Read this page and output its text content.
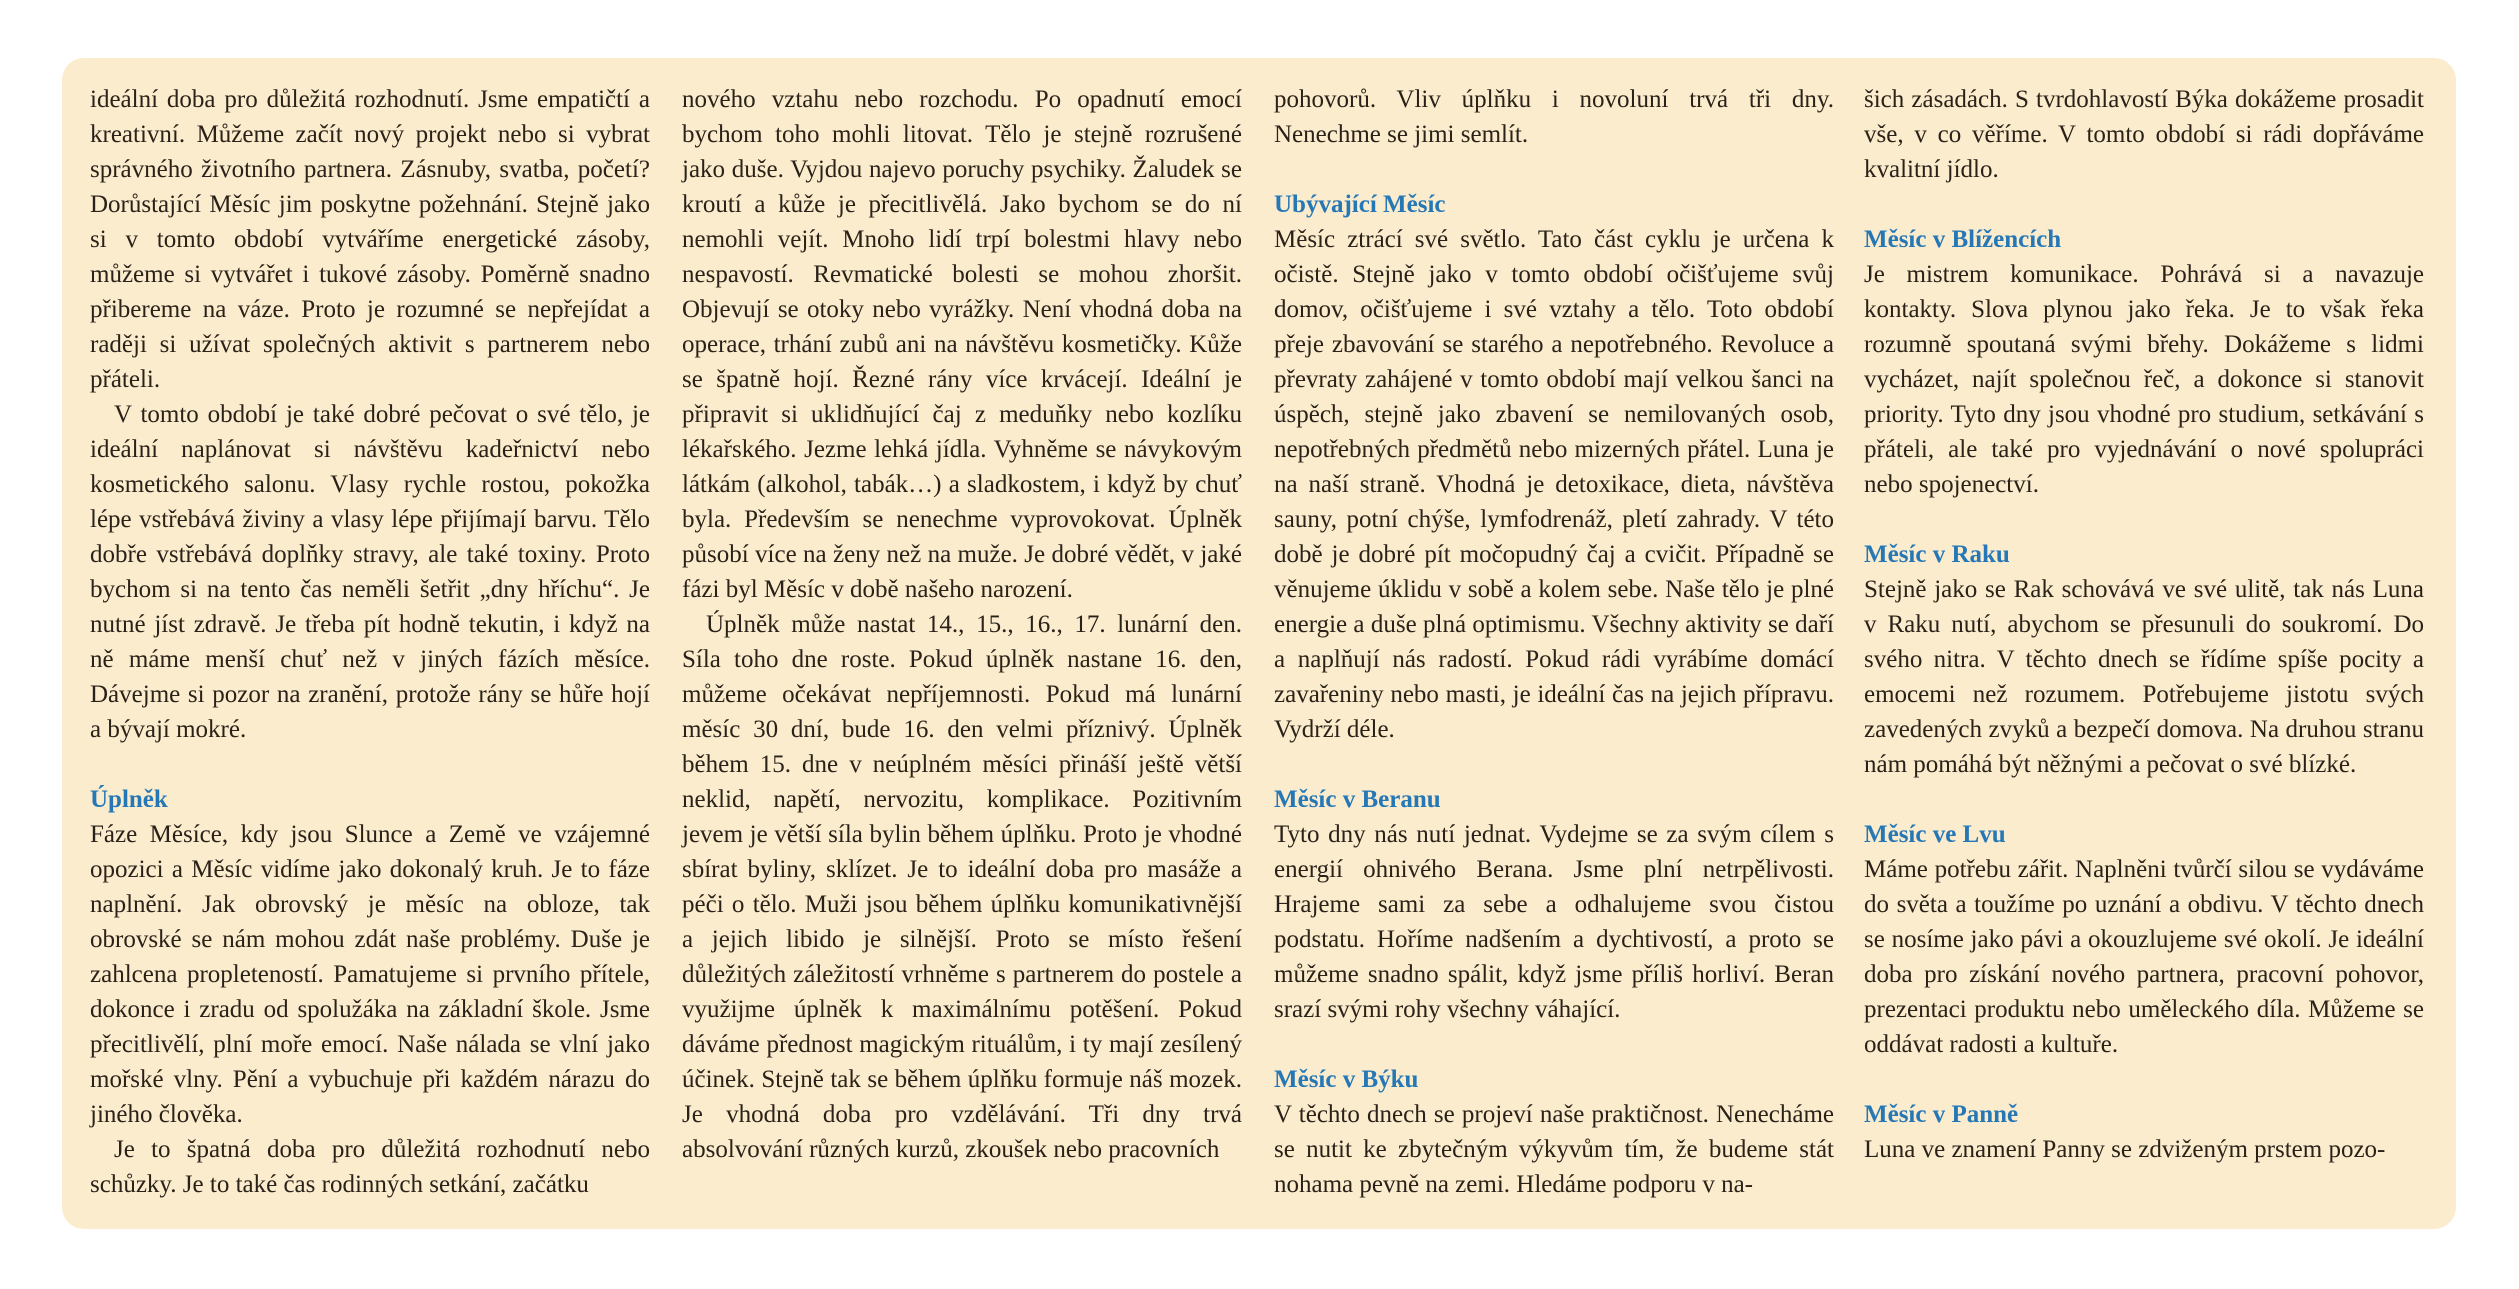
ideální doba pro důležitá rozhodnutí. Jsme empatičtí a kreativní. Můžeme začít nový projekt nebo si vybrat správného životního partnera. Zásnuby, svatba, početí? Dorůstající Měsíc jim poskytne požehnání. Stejně jako si v tomto období vytváříme energetické zásoby, můžeme si vytvářet i tukové zásoby. Poměrně snadno přibereme na váze. Proto je rozumné se nepřejídat a raději si užívat společných aktivit s partnerem nebo přáteli.

V tomto období je také dobré pečovat o své tělo, je ideální naplánovat si návštěvu kadeřnictví nebo kosmetického salonu. Vlasy rychle rostou, pokožka lépe vstřebává živiny a vlasy lépe přijímají barvu. Tělo dobře vstřebává doplňky stravy, ale také toxiny. Proto bychom si na tento čas neměli šetřit „dny hříchu“. Je nutné jíst zdravě. Je třeba pít hodně tekutin, i když na ně máme menší chuť než v jiných fázích měsíce. Dávejme si pozor na zranění, protože rány se hůře hojí a bývají mokré.

Úplněk

Fáze Měsíce, kdy jsou Slunce a Země ve vzájemné opozici a Měsíc vidíme jako dokonalý kruh. Je to fáze naplnění. Jak obrovský je měsíc na obloze, tak obrovské se nám mohou zdát naše problémy. Duše je zahlcena propleteností. Pamatujeme si prvního přítele, dokonce i zradu od spolužáka na základní škole. Jsme přecitlivělí, plní moře emocí. Naše nálada se vlní jako mořské vlny. Pění a vybuchuje při každém nárazu do jiného člověka.

Je to špatná doba pro důležitá rozhodnutí nebo schůzky. Je to také čas rodinných setkání, začátku

nového vztahu nebo rozchodu. Po opadnutí emocí bychom toho mohli litovat. Tělo je stejně rozrušené jako duše. Vyjdou najevo poruchy psychiky. Žaludek se kroutí a kůže je přecitlivělá. Jako bychom se do ní nemohli vejít. Mnoho lidí trpí bolestmi hlavy nebo nespavostí. Revmatické bolesti se mohou zhoršit. Objevují se otoky nebo vyrážky. Není vhodná doba na operace, trhání zubů ani na návštěvu kosmetičky. Kůže se špatně hojí. Řezné rány více krvácejí. Ideální je připravit si uklidňující čaj z meduňky nebo kozlíku lékařského. Jezme lehká jídla. Vyhněme se návykovým látkám (alkohol, tabák…) a sladkostem, i když by chuť byla. Především se nenechme vyprovokovat. Úplněk působí více na ženy než na muže. Je dobré vědět, v jaké fázi byl Měsíc v době našeho narození.

Úplněk může nastat 14., 15., 16., 17. lunární den. Síla toho dne roste. Pokud úplněk nastane 16. den, můžeme očekávat nepříjemnosti. Pokud má lunární měsíc 30 dní, bude 16. den velmi příznivý. Úplněk během 15. dne v neúplném měsíci přináší ještě větší neklid, napětí, nervozitu, komplikace. Pozitivním jevem je větší síla bylin během úplňku. Proto je vhodné sbírat byliny, sklízet. Je to ideální doba pro masáže a péči o tělo. Muži jsou během úplňku komunikativnější a jejich libido je silnější. Proto se místo řešení důležitých záležitostí vrhněme s partnerem do postele a využijme úplněk k maximálnímu potěšení. Pokud dáváme přednost magickým rituálům, i ty mají zesílený účinek. Stejně tak se během úplňku formuje náš mozek. Je vhodná doba pro vzdělávání. Tři dny trvá absolvování různých kurzů, zkoušek nebo pracovních

pohovorů. Vliv úplňku i novoluní trvá tři dny. Nenechme se jimi semlít.

Ubývající Měsíc

Měsíc ztrácí své světlo. Tato část cyklu je určena k očistě. Stejně jako v tomto období očišťujeme svůj domov, očišťujeme i své vztahy a tělo. Toto období přeje zbavování se starého a nepotřebného. Revoluce a převraty zahájené v tomto období mají velkou šanci na úspěch, stejně jako zbavení se nemilovaných osob, nepotřebných předmětů nebo mizerných přátel. Luna je na naší straně. Vhodná je detoxikace, dieta, návštěva sauny, potní chýše, lymfodrenáž, pletí zahrady. V této době je dobré pít močopudný čaj a cvičit. Případně se věnujeme úklidu v sobě a kolem sebe. Naše tělo je plné energie a duše plná optimismu. Všechny aktivity se daří a naplňují nás radostí. Pokud rádi vyrábíme domácí zavařeniny nebo masti, je ideální čas na jejich přípravu. Vydrží déle.

Měsíc v Beranu

Tyto dny nás nutí jednat. Vydejme se za svým cílem s energií ohnivého Berana. Jsme plní netrpělivosti. Hrajeme sami za sebe a odhalujeme svou čistou podstatu. Hoříme nadšením a dychtivostí, a proto se můžeme snadno spálit, když jsme příliš horliví. Beran srazí svými rohy všechny váhající.

Měsíc v Býku

V těchto dnech se projeví naše praktičnost. Nenecháme se nutit ke zbytečným výkyvům tím, že budeme stát nohama pevně na zemi. Hledáme podporu v na-

šich zásadách. S tvrdohlavostí Býka dokážeme prosadit vše, v co věříme. V tomto období si rádi dopřáváme kvalitní jídlo.

Měsíc v Blížencích

Je mistrem komunikace. Pohrává si a navazuje kontakty. Slova plynou jako řeka. Je to však řeka rozumně spoutaná svými břehy. Dokážeme s lidmi vycházet, najít společnou řeč, a dokonce si stanovit priority. Tyto dny jsou vhodné pro studium, setkávání s přáteli, ale také pro vyjednávání o nové spolupráci nebo spojenectví.

Měsíc v Raku

Stejně jako se Rak schovává ve své ulitě, tak nás Luna v Raku nutí, abychom se přesunuli do soukromí. Do svého nitra. V těchto dnech se řídíme spíše pocity a emocemi než rozumem. Potřebujeme jistotu svých zavedených zvyků a bezpečí domova. Na druhou stranu nám pomáhá být něžnými a pečovat o své blízké.

Měsíc ve Lvu

Máme potřebu zářit. Naplněni tvůrčí silou se vydáváme do světa a toužíme po uznání a obdivu. V těchto dnech se nosíme jako pávi a okouzlujeme své okolí. Je ideální doba pro získání nového partnera, pracovní pohovor, prezentaci produktu nebo uměleckého díla. Můžeme se oddávat radosti a kultuře.

Měsíc v Panně

Luna ve znamení Panny se zdviženým prstem pozo-
